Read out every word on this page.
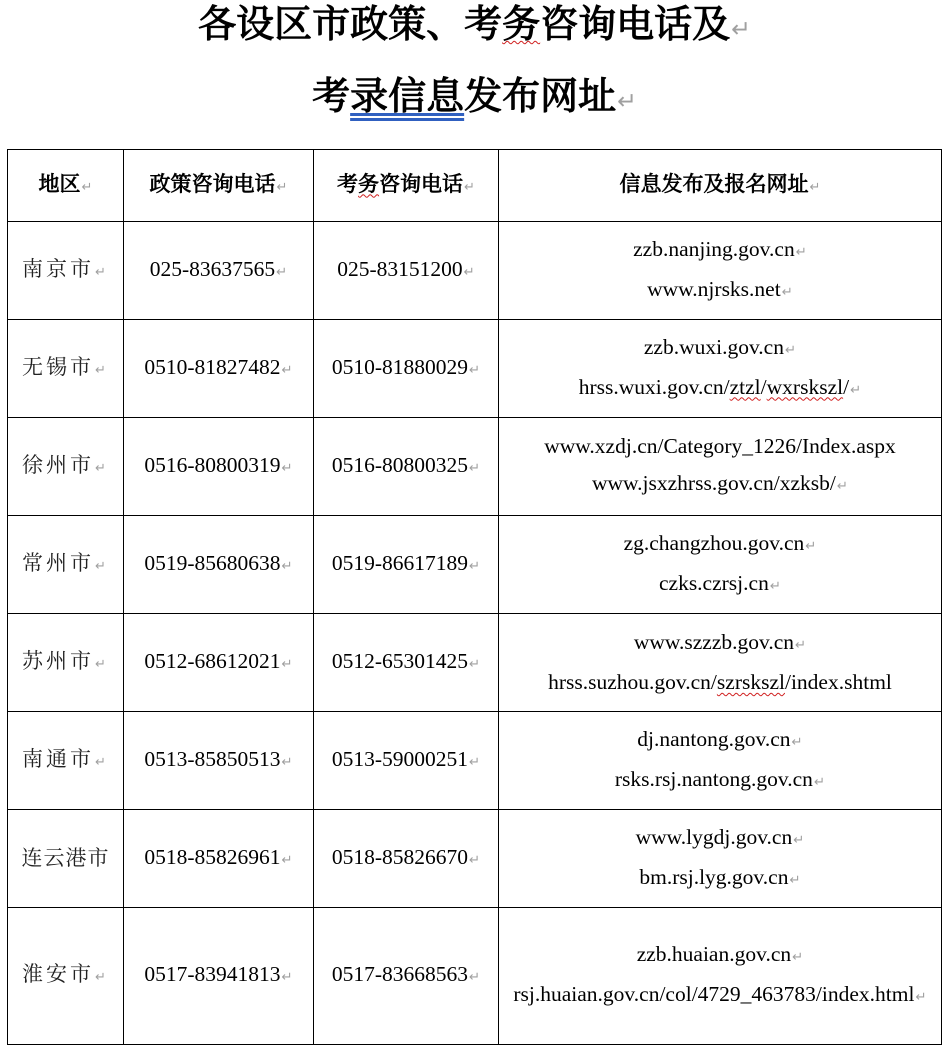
各设区市政策、考务咨询电话及↵
考录信息发布网址↵
地区↵	政策咨询电话↵	考务咨询电话↵	信息发布及报名网址↵
南京市↵	025-83637565↵	025-83151200↵	zzb.nanjing.gov.cn↵
www.njrsks.net↵

无锡市↵	0510-81827482↵	0510-81880029↵	zzb.wuxi.gov.cn↵
hrss.wuxi.gov.cn/ztzl/wxrskszl/↵

徐州市↵	0516-80800319↵	0516-80800325↵	www.xzdj.cn/Category_1226/Index.aspx
www.jsxzhrss.gov.cn/xzksb/↵

常州市↵	0519-85680638↵	0519-86617189↵	zg.changzhou.gov.cn↵
czks.czrsj.cn↵

苏州市↵	0512-68612021↵	0512-65301425↵	www.szzzb.gov.cn↵
hrss.suzhou.gov.cn/szrskszl/index.shtml

南通市↵	0513-85850513↵	0513-59000251↵	dj.nantong.gov.cn↵
rsks.rsj.nantong.gov.cn↵

连云港市	0518-85826961↵	0518-85826670↵	www.lygdj.gov.cn↵
bm.rsj.lyg.gov.cn↵

淮安市↵	0517-83941813↵	0517-83668563↵	zzb.huaian.gov.cn↵
rsj.huaian.gov.cn/col/4729_463783/index.html↵
